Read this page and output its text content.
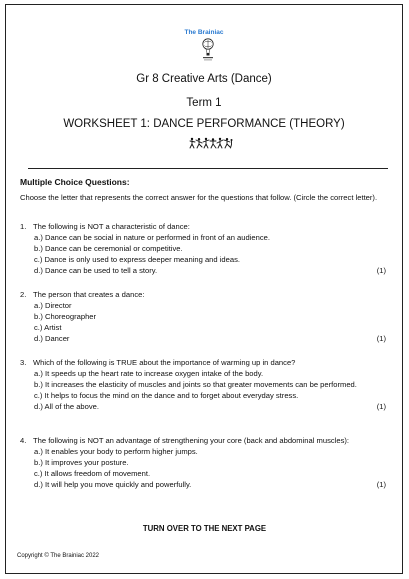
The Brainiac
Gr 8 Creative Arts (Dance)
Term 1
WORKSHEET 1: DANCE PERFORMANCE (THEORY)
Multiple Choice Questions:
Choose the letter that represents the correct answer for the questions that follow. (Circle the correct letter).
1. The following is NOT a characteristic of dance:
a.) Dance can be social in nature or performed in front of an audience.
b.) Dance can be ceremonial or competitive.
c.) Dance is only used to express deeper meaning and ideas.
d.) Dance can be used to tell a story.	(1)
2. The person that creates a dance:
a.) Director
b.) Choreographer
c.) Artist
d.) Dancer	(1)
3. Which of the following is TRUE about the importance of warming up in dance?
a.) It speeds up the heart rate to increase oxygen intake of the body.
b.) It increases the elasticity of muscles and joints so that greater movements can be performed.
c.) It helps to focus the mind on the dance and to forget about everyday stress.
d.) All of the above.	(1)
4. The following is NOT an advantage of strengthening your core (back and abdominal muscles):
a.) It enables your body to perform higher jumps.
b.) It improves your posture.
c.) It allows freedom of movement.
d.) It will help you move quickly and powerfully.	(1)
TURN OVER TO THE NEXT PAGE
Copyright © The Brainiac 2022
